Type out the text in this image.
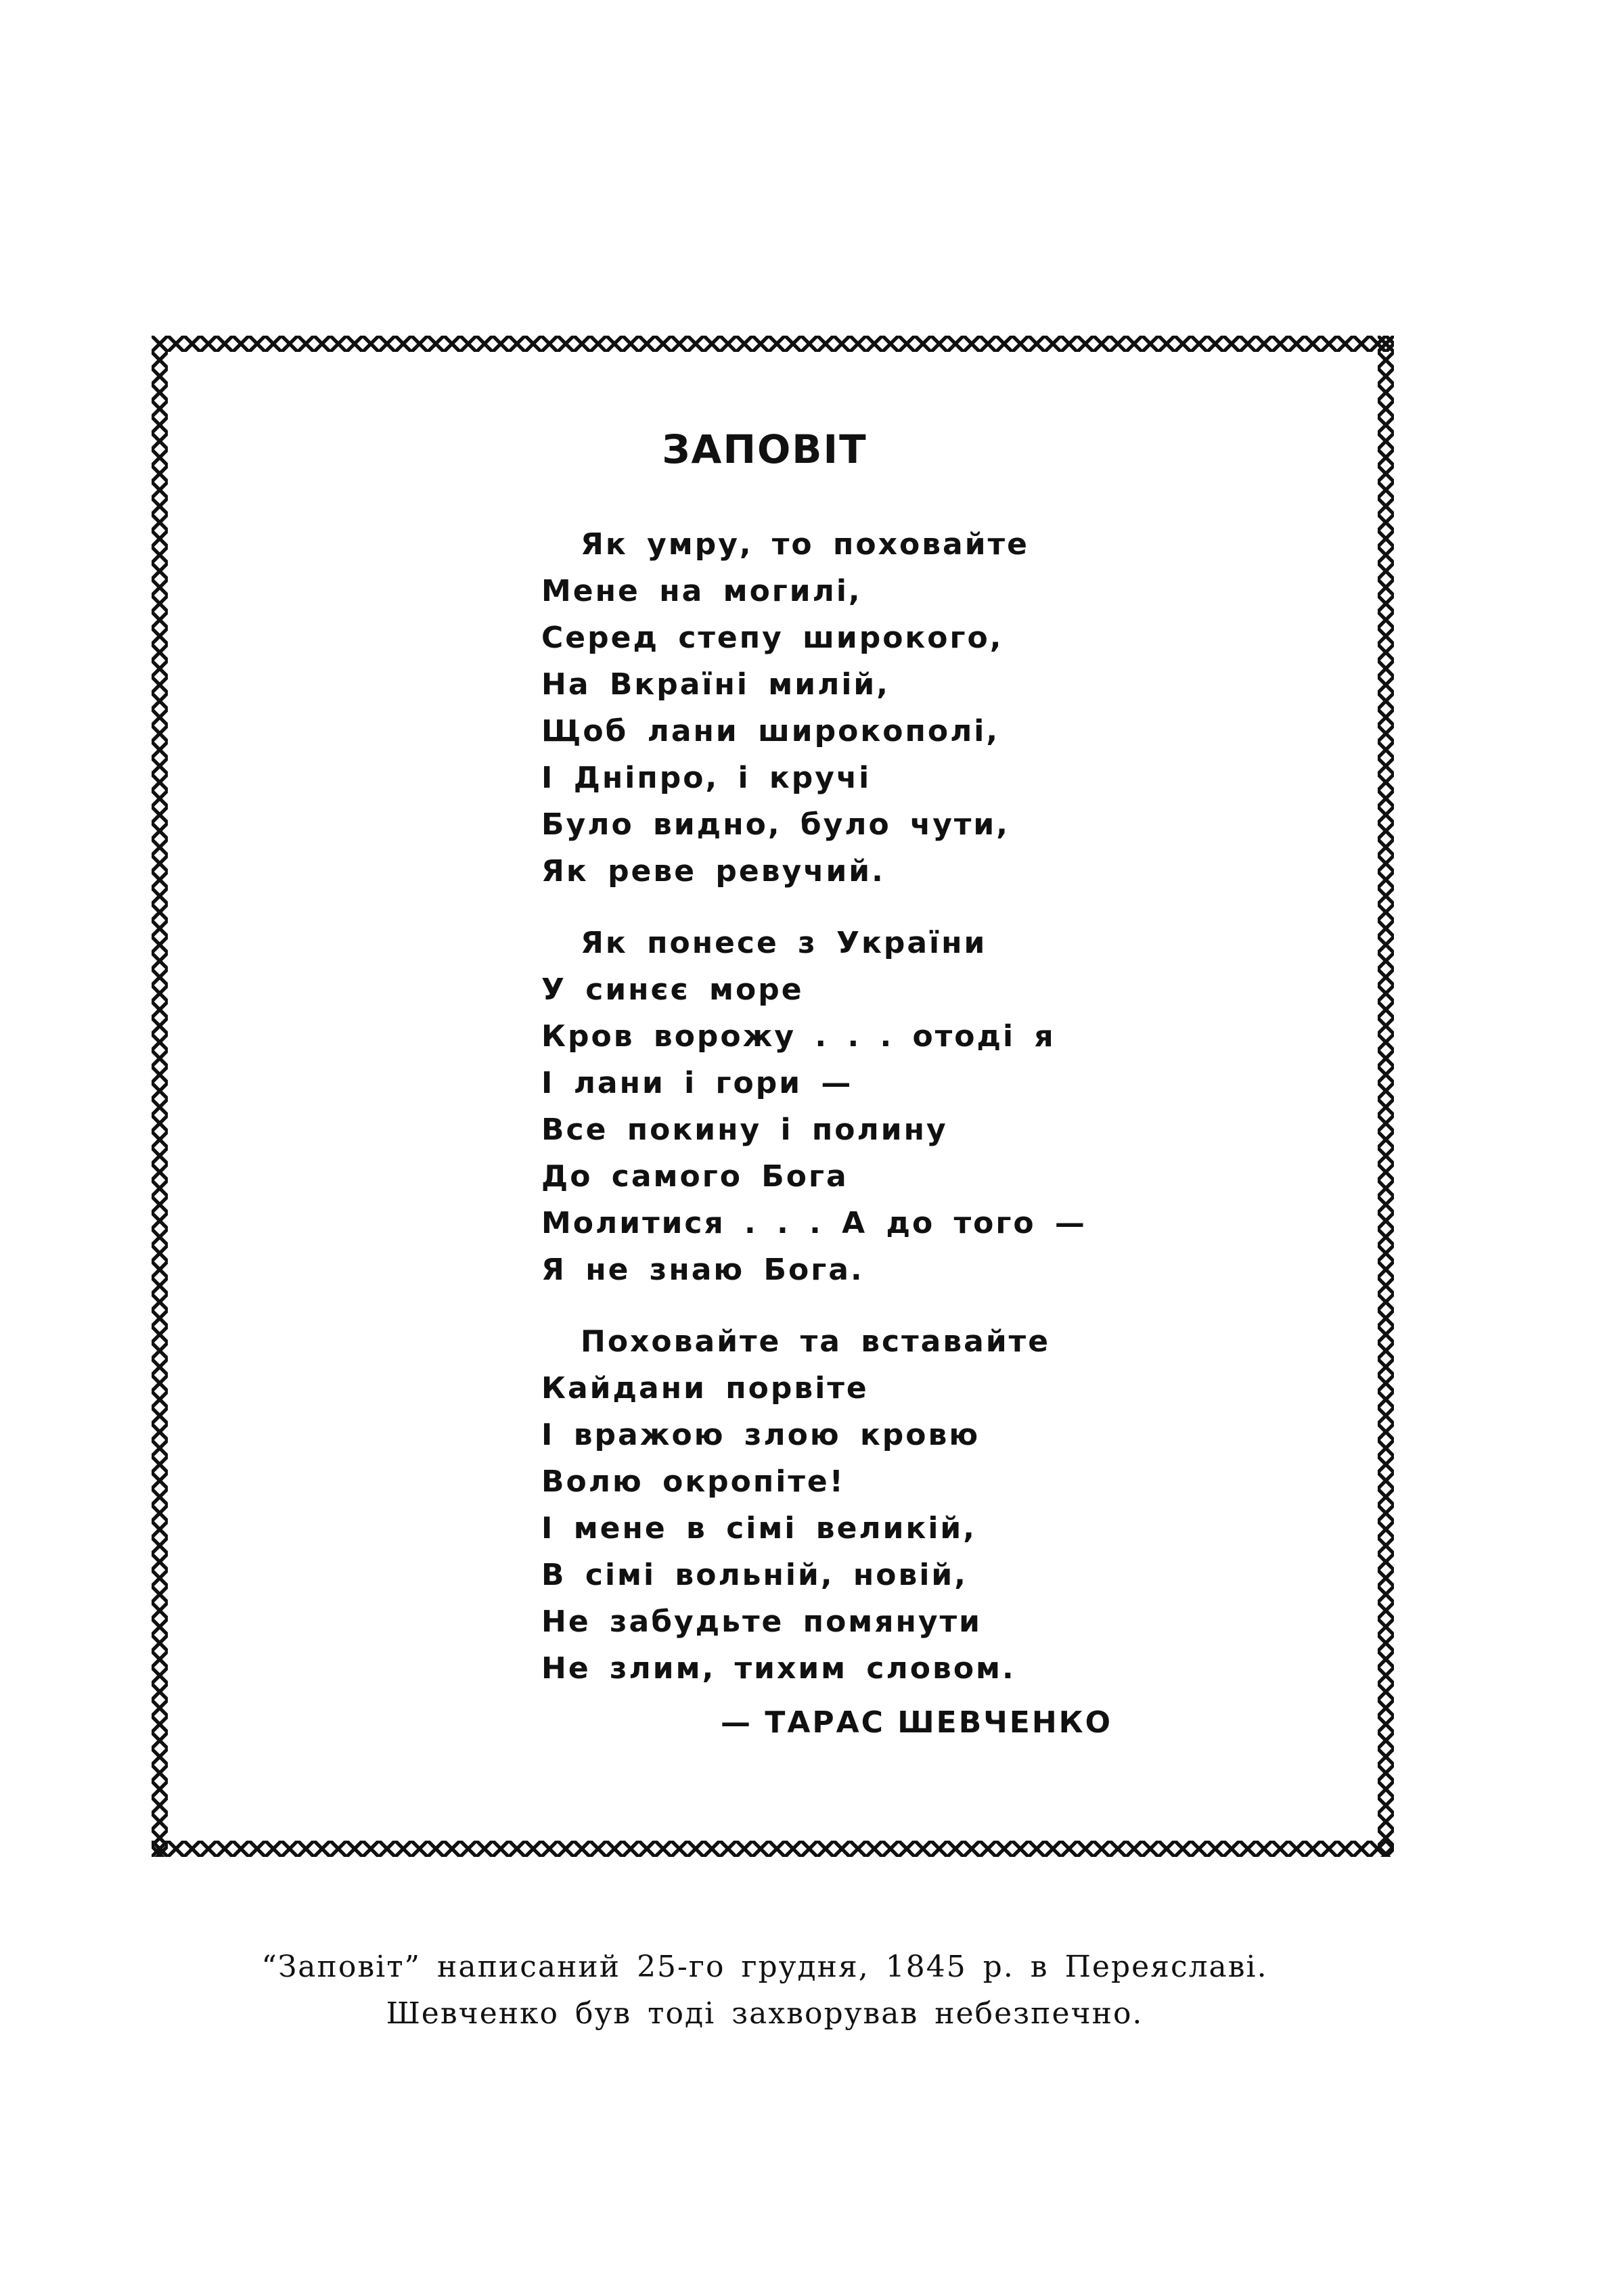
ЗАПОВІТ
Як умру, то поховайте
Мене на могилі,
Серед степу широкого,
На Вкраїні милій,
Щоб лани широкополі,
І Дніпро, і кручі
Було видно, було чути,
Як реве ревучий.
Як понесе з України
У синєє море
Кров ворожу . . . отоді я
І лани і гори —
Все покину і полину
До самого Бога
Молитися . . . А до того —
Я не знаю Бога.
Поховайте та вставайте
Кайдани порвіте
І вражою злою кровю
Волю окропіте!
І мене в сімі великій,
В сімі вольній, новій,
Не забудьте помянути
Не злим, тихим словом.
— ТАРАС ШЕВЧЕНКО
“Заповіт” написаний 25-го грудня, 1845 р. в Переяславі.
Шевченко був тоді захворував небезпечно.
